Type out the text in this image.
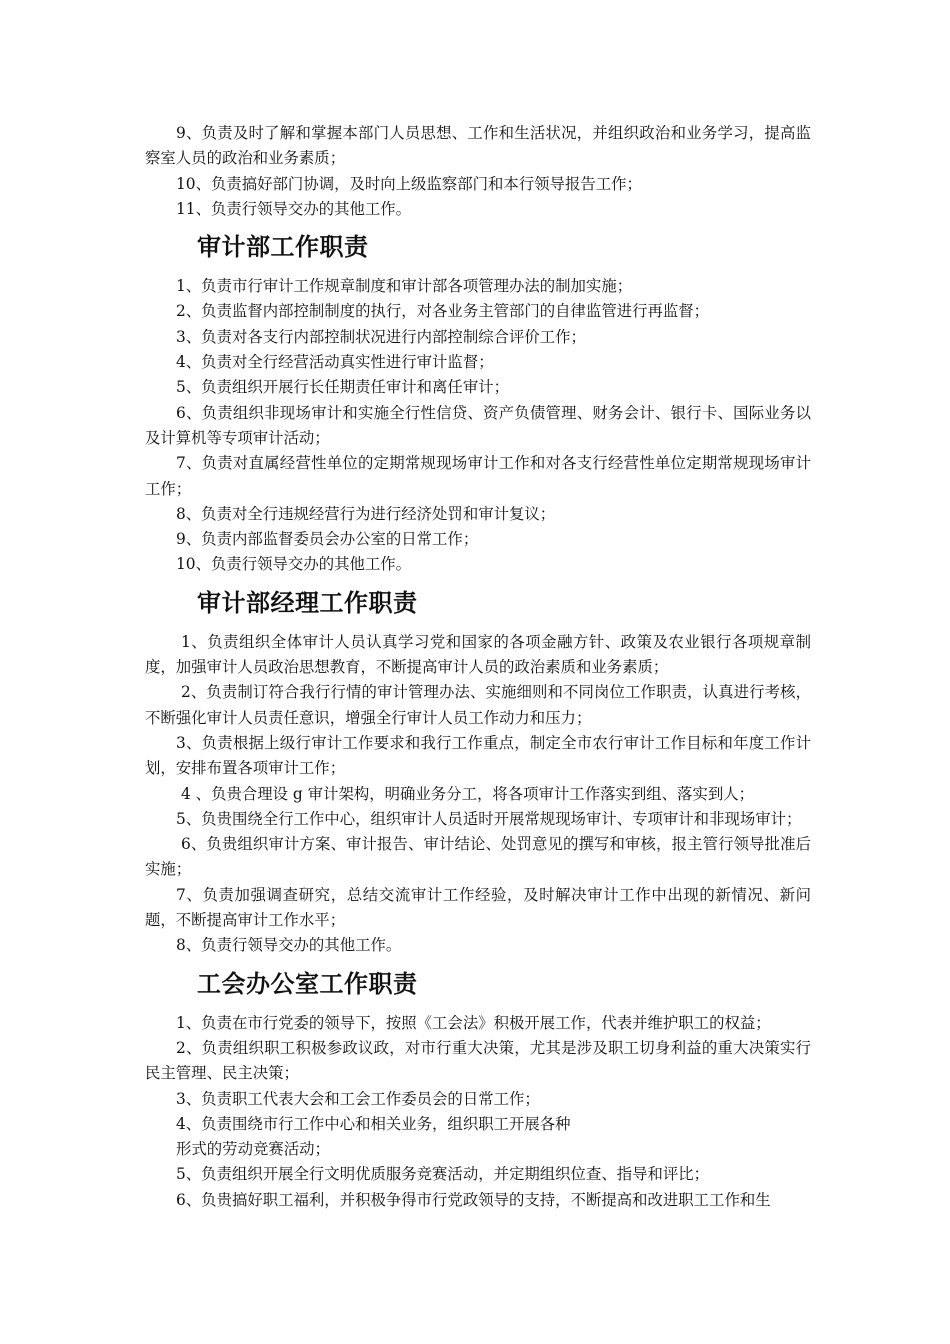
9、负责及时了解和掌握本部门人员思想、工作和生活状况，并组织政治和业务学习，提高监察室人员的政治和业务素质；

10、负责搞好部门协调，及时向上级监察部门和本行领导报告工作；

11、负责行领导交办的其他工作。

审计部工作职责

1、负责市行审计工作规章制度和审计部各项管理办法的制加实施；

2、负责监督内部控制制度的执行，对各业务主管部门的自律监管进行再监督；

3、负责对各支行内部控制状况进行内部控制综合评价工作；

4、负责对全行经营活动真实性进行审计监督；

5、负责组织开展行长任期责任审计和离任审计；

6、负责组织非现场审计和实施全行性信贷、资产负债管理、财务会计、银行卡、国际业务以及计算机等专项审计活动；

7、负责对直属经营性单位的定期常规现场审计工作和对各支行经营性单位定期常规现场审计工作；

8、负责对全行违规经营行为进行经济处罚和审计复议；

9、负责内部监督委员会办公室的日常工作；

10、负责行领导交办的其他工作。

审计部经理工作职责

1、负责组织全体审计人员认真学习党和国家的各项金融方针、政策及农业银行各项规章制度，加强审计人员政治思想教育，不断提高审计人员的政治素质和业务素质；

2、负责制订符合我行行情的审计管理办法、实施细则和不同岗位工作职责，认真进行考核，不断强化审计人员责任意识，增强全行审计人员工作动力和压力；

3、负责根据上级行审计工作要求和我行工作重点，制定全市农行审计工作目标和年度工作计划，安排布置各项审计工作；

4 、负贵合理设 g 审计架构，明确业务分工，将各项审计工作落实到组、落实到人；

5、负贵围绕全行工作中心，组织审计人员适时开展常规现场审计、专项审计和非现场审计；

6、负贵组织审计方案、审计报告、审计结论、处罚意见的撰写和审核，报主管行领导批准后实施；

7、负责加强调查研究，总结交流审计工作经验，及时解决审计工作中出现的新情况、新问题，不断提高审计工作水平；

8、负责行领导交办的其他工作。

工会办公室工作职责

1、负责在市行党委的领导下，按照《工会法》积极开展工作，代表并维护职工的权益；

2、负责组织职工积极参政议政，对市行重大决策，尤其是涉及职工切身利益的重大决策实行民主管理、民主决策；

3、负责职工代表大会和工会工作委员会的日常工作；

4、负责围绕市行工作中心和相关业务，组织职工开展各种

形式的劳动竞赛活动；

5、负责组织开展全行文明优质服务竞赛活动，并定期组织位查、指导和评比；

6、负贵搞好职工福利，并积极争得市行党政领导的支持，不断提高和改进职工工作和生
